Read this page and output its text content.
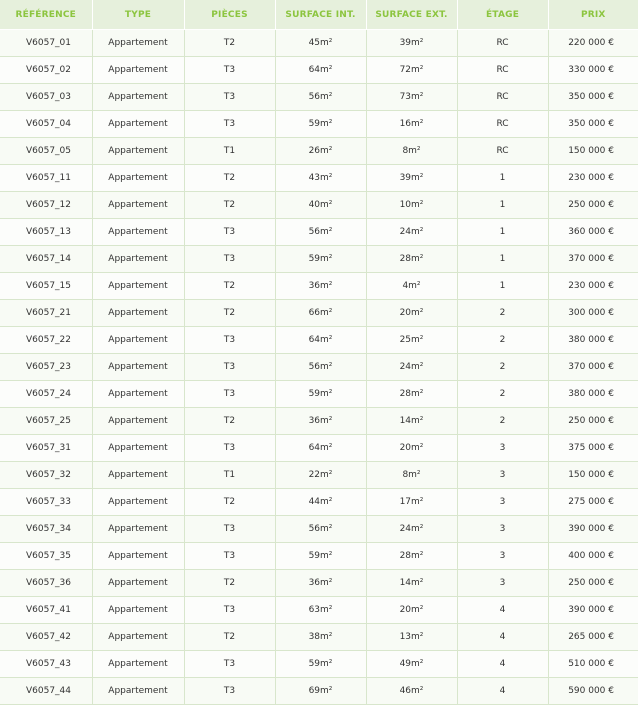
RÉFÉRENCE	TYPE	PIÈCES	SURFACE INT.	SURFACE EXT.	ÉTAGE	PRIX
V6057_01	Appartement	T2	45m²	39m²	RC	220 000 €
V6057_02	Appartement	T3	64m²	72m²	RC	330 000 €
V6057_03	Appartement	T3	56m²	73m²	RC	350 000 €
V6057_04	Appartement	T3	59m²	16m²	RC	350 000 €
V6057_05	Appartement	T1	26m²	8m²	RC	150 000 €
V6057_11	Appartement	T2	43m²	39m²	1	230 000 €
V6057_12	Appartement	T2	40m²	10m²	1	250 000 €
V6057_13	Appartement	T3	56m²	24m²	1	360 000 €
V6057_14	Appartement	T3	59m²	28m²	1	370 000 €
V6057_15	Appartement	T2	36m²	4m²	1	230 000 €
V6057_21	Appartement	T2	66m²	20m²	2	300 000 €
V6057_22	Appartement	T3	64m²	25m²	2	380 000 €
V6057_23	Appartement	T3	56m²	24m²	2	370 000 €
V6057_24	Appartement	T3	59m²	28m²	2	380 000 €
V6057_25	Appartement	T2	36m²	14m²	2	250 000 €
V6057_31	Appartement	T3	64m²	20m²	3	375 000 €
V6057_32	Appartement	T1	22m²	8m²	3	150 000 €
V6057_33	Appartement	T2	44m²	17m²	3	275 000 €
V6057_34	Appartement	T3	56m²	24m²	3	390 000 €
V6057_35	Appartement	T3	59m²	28m²	3	400 000 €
V6057_36	Appartement	T2	36m²	14m²	3	250 000 €
V6057_41	Appartement	T3	63m²	20m²	4	390 000 €
V6057_42	Appartement	T2	38m²	13m²	4	265 000 €
V6057_43	Appartement	T3	59m²	49m²	4	510 000 €
V6057_44	Appartement	T3	69m²	46m²	4	590 000 €
